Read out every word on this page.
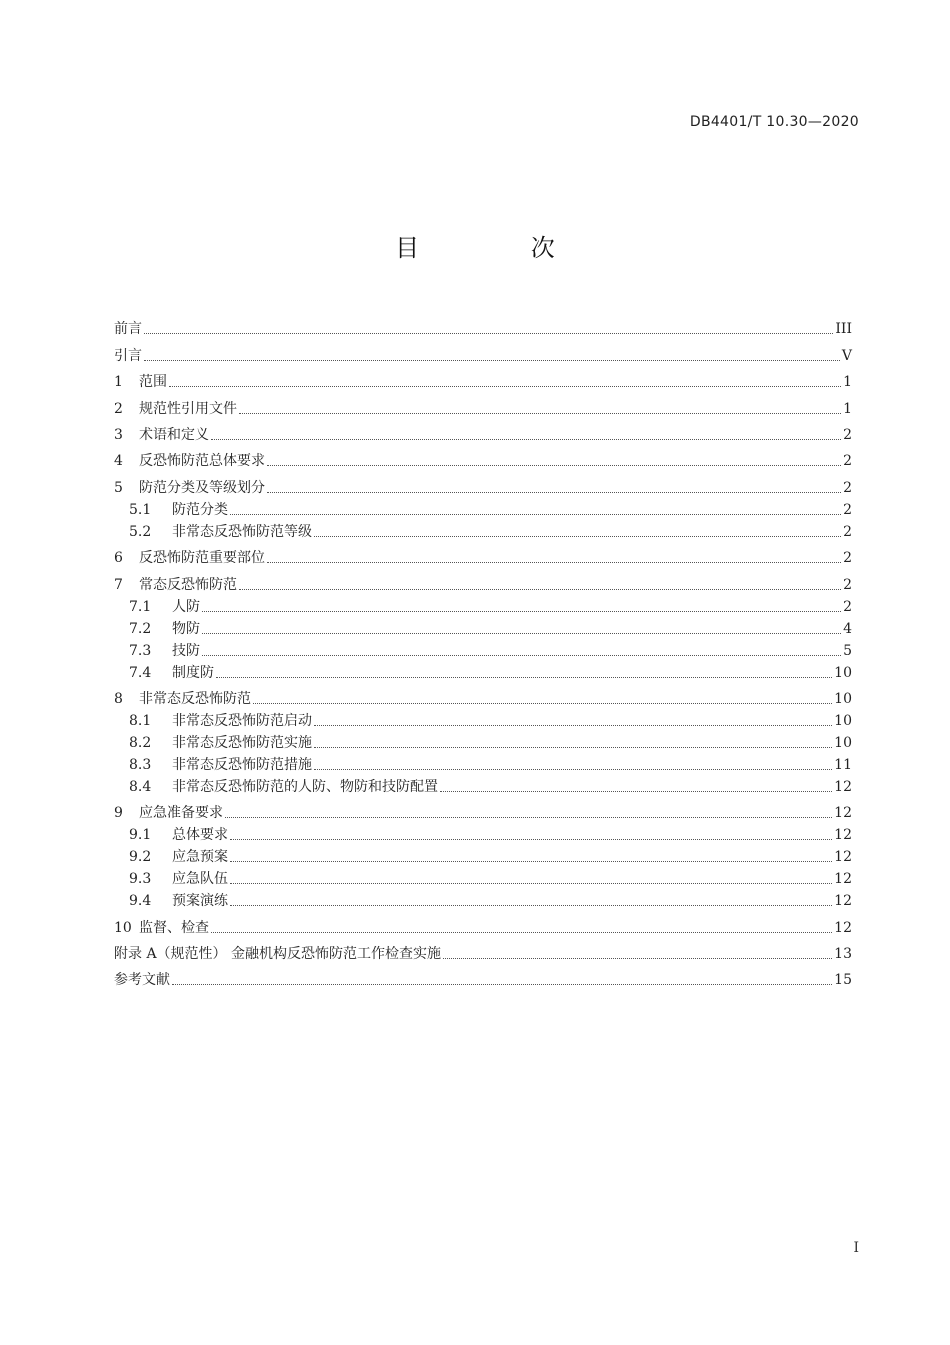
DB4401/T 10.30—2020
目 次
前言	III
引言	V
1	范围	1
2	规范性引用文件	1
3	术语和定义	2
4	反恐怖防范总体要求	2
5	防范分类及等级划分	2
5.1	防范分类	2
5.2	非常态反恐怖防范等级	2
6	反恐怖防范重要部位	2
7	常态反恐怖防范	2
7.1	人防	2
7.2	物防	4
7.3	技防	5
7.4	制度防	10
8	非常态反恐怖防范	10
8.1	非常态反恐怖防范启动	10
8.2	非常态反恐怖防范实施	10
8.3	非常态反恐怖防范措施	11
8.4	非常态反恐怖防范的人防、物防和技防配置	12
9	应急准备要求	12
9.1	总体要求	12
9.2	应急预案	12
9.3	应急队伍	12
9.4	预案演练	12
10 监督、检查	12
附录 A（规范性） 金融机构反恐怖防范工作检查实施	13
参考文献	15
I
